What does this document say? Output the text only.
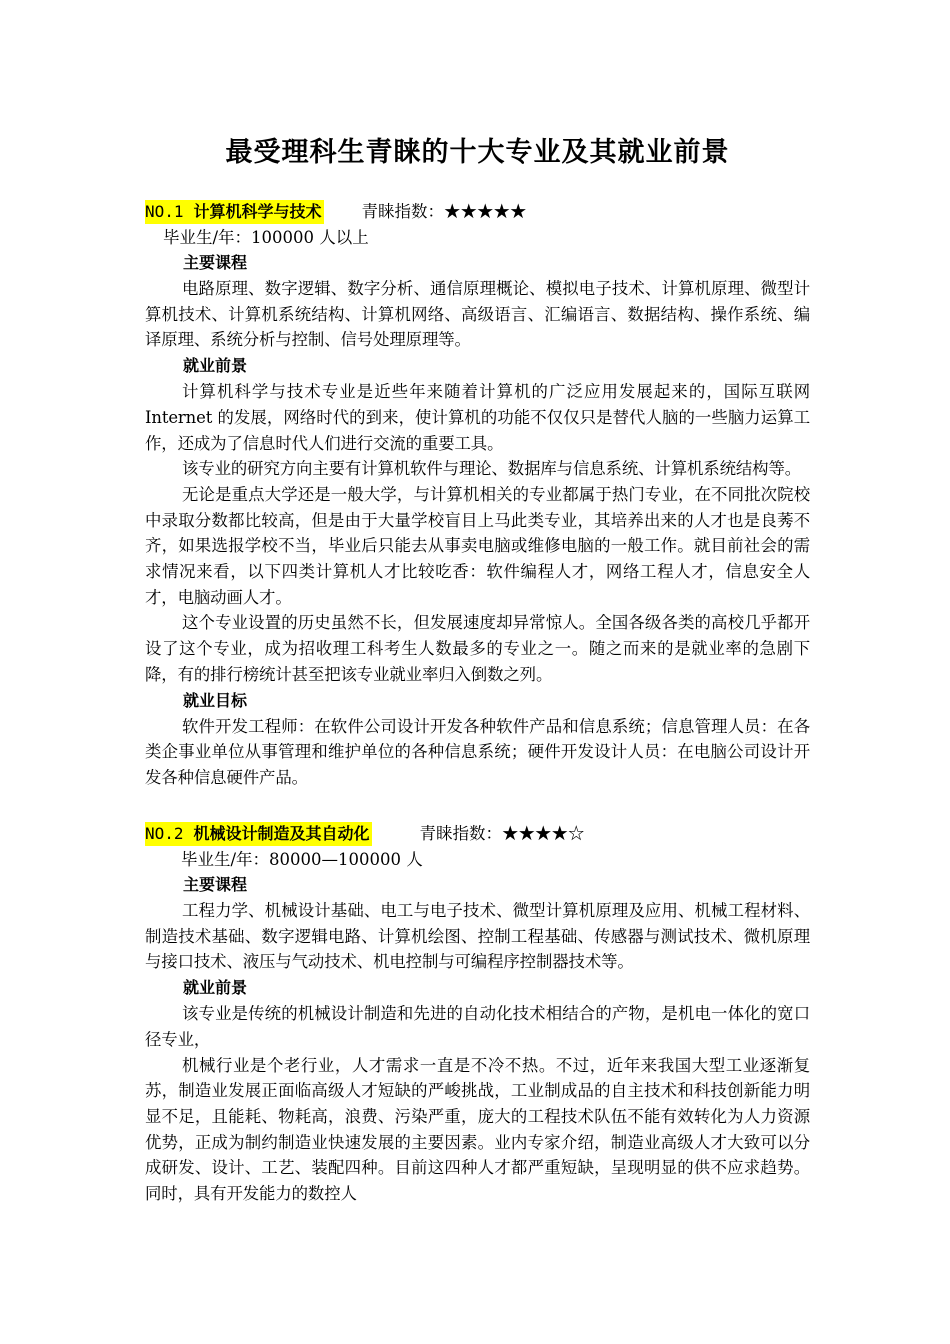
最受理科生青睐的十大专业及其就业前景
NO.1 计算机科学与技术 青睐指数：★★★★★
毕业生/年：100000 人以上
主要课程

电路原理、数字逻辑、数字分析、通信原理概论、模拟电子技术、计算机原理、微型计算机技术、计算机系统结构、计算机网络、高级语言、汇编语言、数据结构、操作系统、编译原理、系统分析与控制、信号处理原理等。

就业前景

计算机科学与技术专业是近些年来随着计算机的广泛应用发展起来的，国际互联网 Internet 的发展，网络时代的到来，使计算机的功能不仅仅只是替代人脑的一些脑力运算工作，还成为了信息时代人们进行交流的重要工具。

该专业的研究方向主要有计算机软件与理论、数据库与信息系统、计算机系统结构等。

无论是重点大学还是一般大学，与计算机相关的专业都属于热门专业，在不同批次院校中录取分数都比较高，但是由于大量学校盲目上马此类专业，其培养出来的人才也是良莠不齐，如果选报学校不当，毕业后只能去从事卖电脑或维修电脑的一般工作。就目前社会的需求情况来看，以下四类计算机人才比较吃香：软件编程人才，网络工程人才，信息安全人才，电脑动画人才。

这个专业设置的历史虽然不长，但发展速度却异常惊人。全国各级各类的高校几乎都开设了这个专业，成为招收理工科考生人数最多的专业之一。随之而来的是就业率的急剧下降，有的排行榜统计甚至把该专业就业率归入倒数之列。

就业目标

软件开发工程师：在软件公司设计开发各种软件产品和信息系统；信息管理人员：在各类企事业单位从事管理和维护单位的各种信息系统；硬件开发设计人员：在电脑公司设计开发各种信息硬件产品。

NO.2 机械设计制造及其自动化	青睐指数：★★★★☆
毕业生/年：80000—100000 人
主要课程

工程力学、机械设计基础、电工与电子技术、微型计算机原理及应用、机械工程材料、制造技术基础、数字逻辑电路、计算机绘图、控制工程基础、传感器与测试技术、微机原理与接口技术、液压与气动技术、机电控制与可编程序控制器技术等。

就业前景

该专业是传统的机械设计制造和先进的自动化技术相结合的产物，是机电一体化的宽口径专业，

机械行业是个老行业，人才需求一直是不冷不热。不过，近年来我国大型工业逐渐复苏，制造业发展正面临高级人才短缺的严峻挑战，工业制成品的自主技术和科技创新能力明显不足，且能耗、物耗高，浪费、污染严重，庞大的工程技术队伍不能有效转化为人力资源优势，正成为制约制造业快速发展的主要因素。业内专家介绍，制造业高级人才大致可以分成研发、设计、工艺、装配四种。目前这四种人才都严重短缺，呈现明显的供不应求趋势。同时，具有开发能力的数控人
